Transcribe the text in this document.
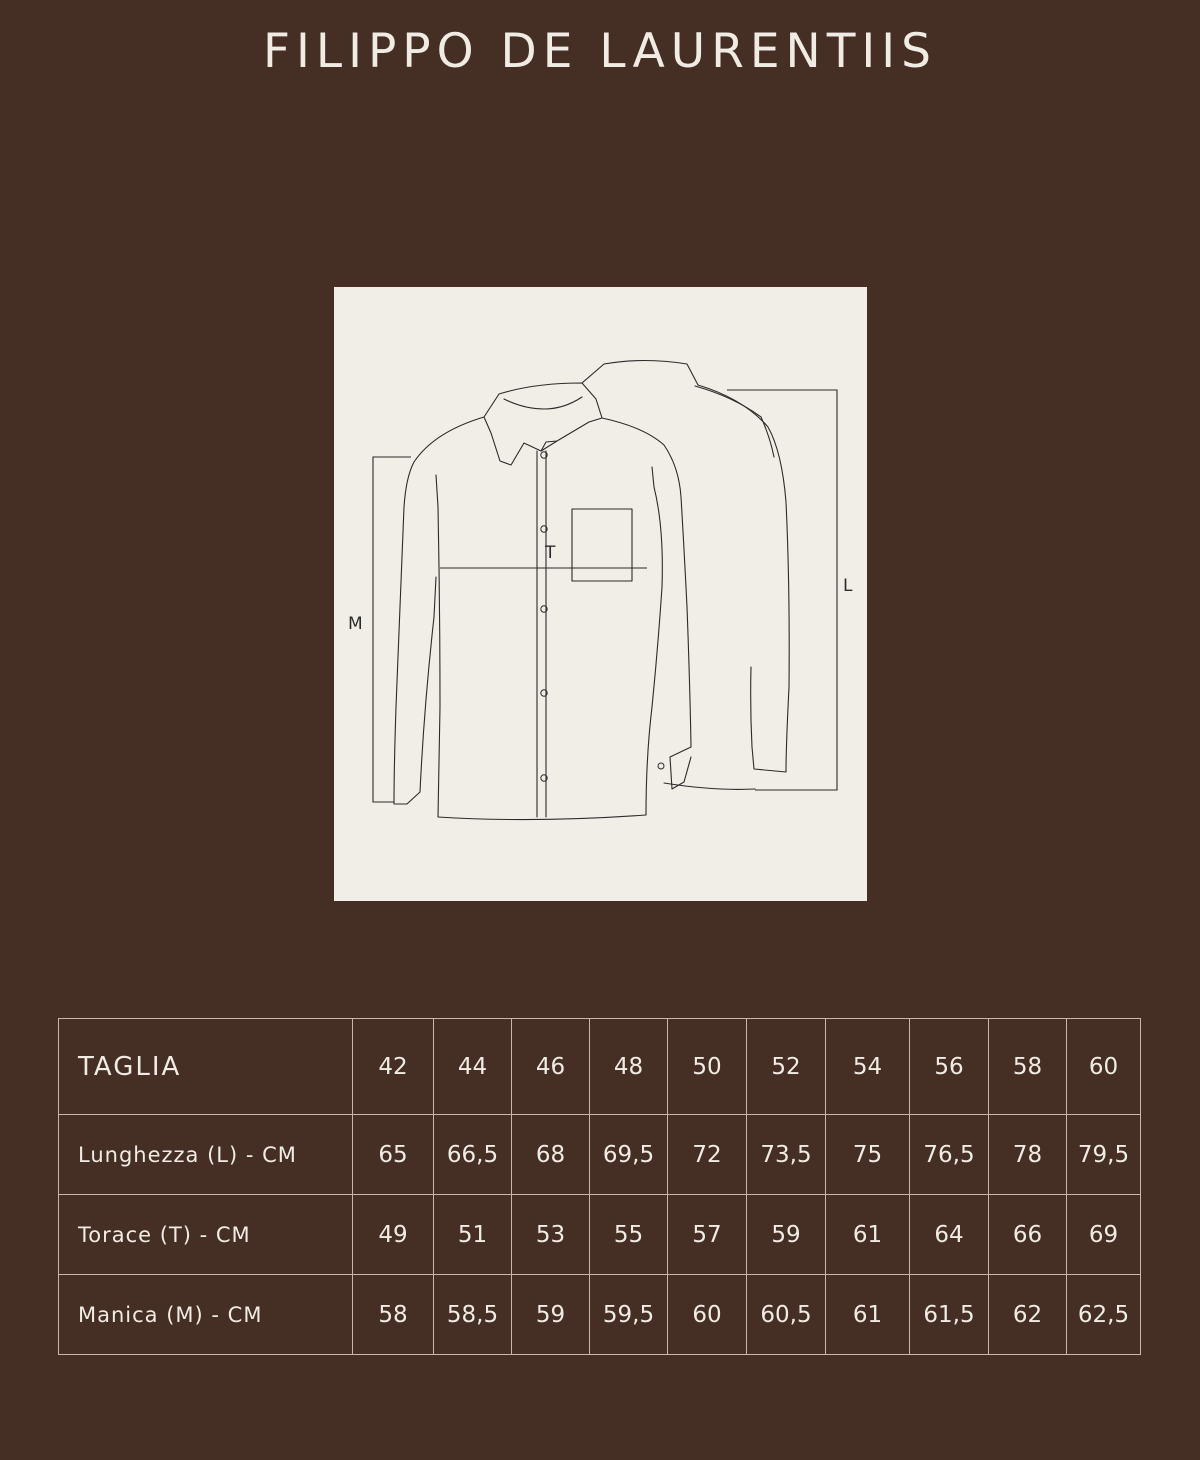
FILIPPO DE LAURENTIIS
M
T
L
TAGLIA	42	44	46	48	50	52	54	56	58	60
Lunghezza (L) - CM	65	66,5	68	69,5	72	73,5	75	76,5	78	79,5
Torace (T) - CM	49	51	53	55	57	59	61	64	66	69
Manica (M) - CM	58	58,5	59	59,5	60	60,5	61	61,5	62	62,5
